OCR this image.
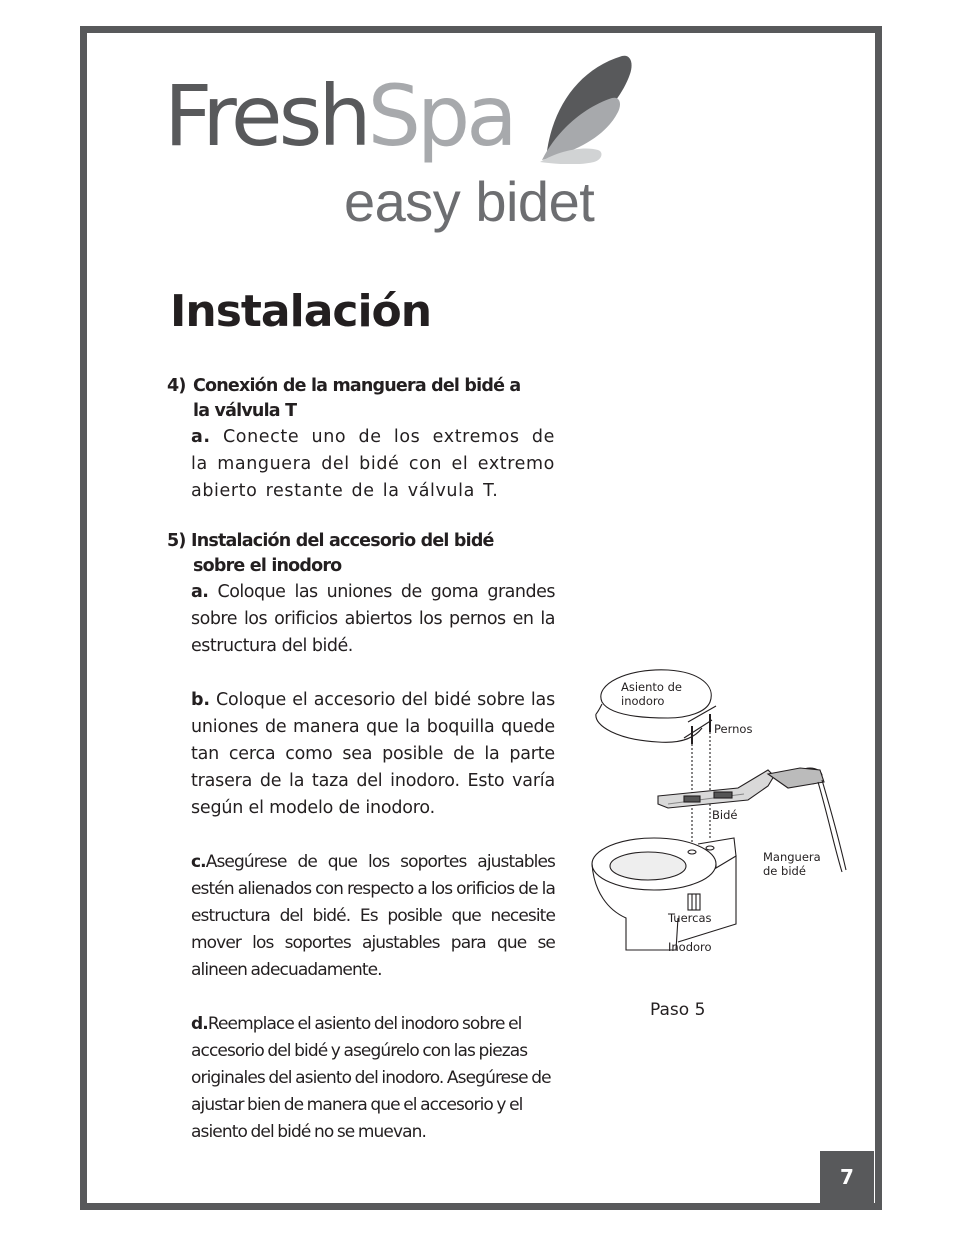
FreshSpa
easy bidet
Instalación

4) Conexión de la manguera del bidé a
la válvula T

a. Conecte uno de los extremos de la manguera del bidé con el extremo abierto restante de la válvula T.

5) Instalación del accesorio del bidé
sobre el inodoro

a. Coloque las uniones de goma grandes sobre los orificios abiertos los pernos en la estructura del bidé.

b. Coloque el accesorio del bidé sobre las uniones de manera que la boquilla quede tan cerca como sea posible de la parte trasera de la taza del inodoro. Esto varía según el modelo de inodoro.

c.Asegúrese de que los soportes ajustables estén alienados con respecto a los orificios de la estructura del bidé. Es posible que necesite mover los soportes ajustables para que se alineen adecuadamente.

d.Reemplace el asiento del inodoro sobre el accesorio del bidé y asegúrelo con las piezas originales del asiento del inodoro. Asegúrese de ajustar bien de manera que el accesorio y el asiento del bidé no se muevan.

Asiento de
inodoro
Pernos
Bidé
Manguera
de bidé
Tuercas
Inodoro
Paso 5
7
